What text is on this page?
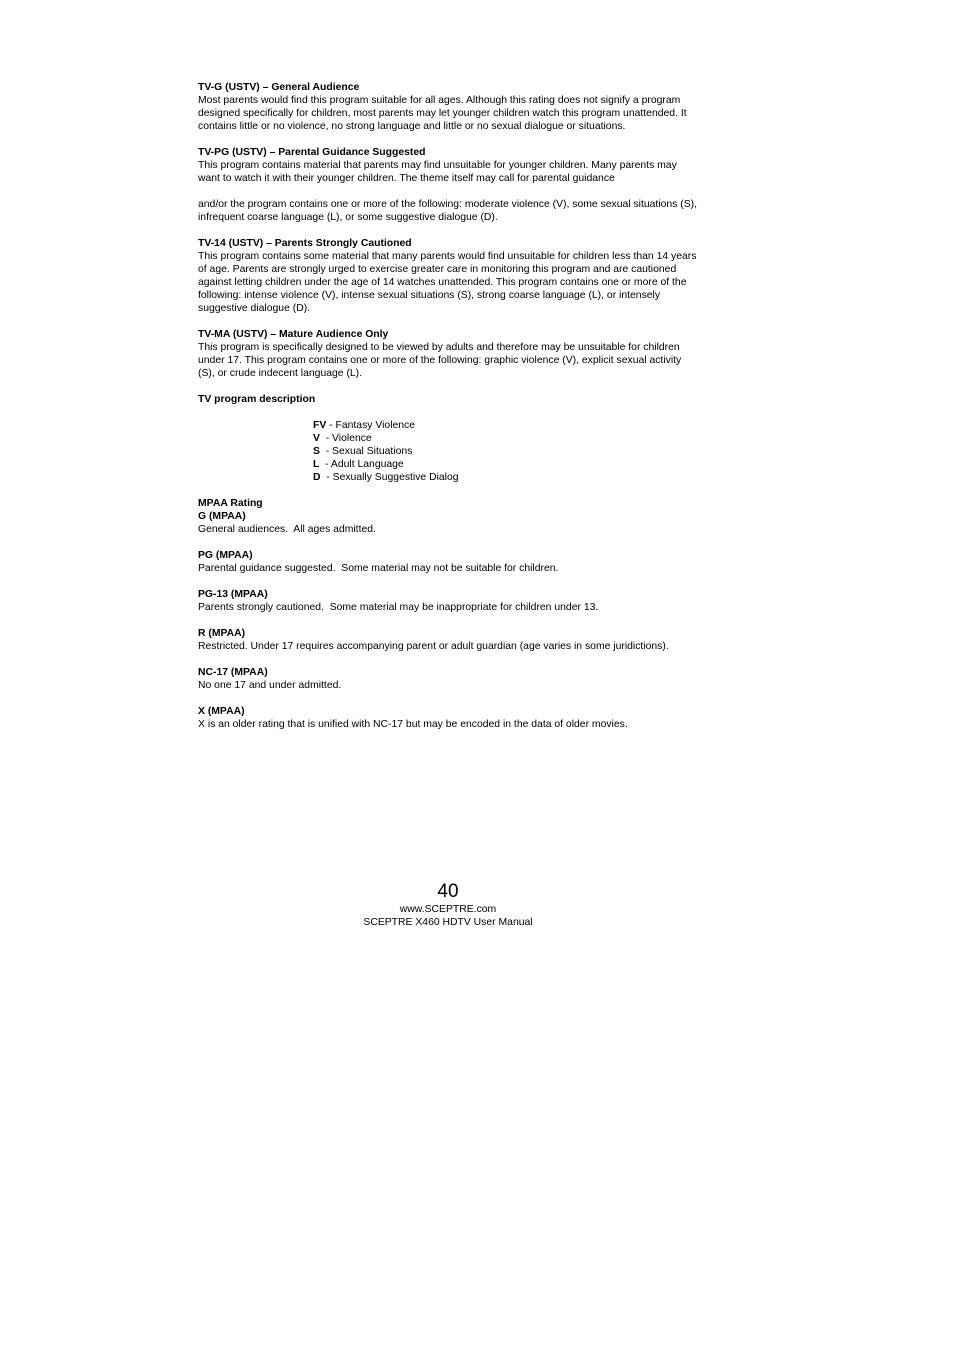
TV-G (USTV) – General Audience
Most parents would find this program suitable for all ages. Although this rating does not signify a program designed specifically for children, most parents may let younger children watch this program unattended. It contains little or no violence, no strong language and little or no sexual dialogue or situations.
TV-PG (USTV) – Parental Guidance Suggested
This program contains material that parents may find unsuitable for younger children. Many parents may want to watch it with their younger children. The theme itself may call for parental guidance
and/or the program contains one or more of the following: moderate violence (V), some sexual situations (S), infrequent coarse language (L), or some suggestive dialogue (D).
TV-14 (USTV) – Parents Strongly Cautioned
This program contains some material that many parents would find unsuitable for children less than 14 years of age. Parents are strongly urged to exercise greater care in monitoring this program and are cautioned against letting children under the age of 14 watches unattended. This program contains one or more of the following: intense violence (V), intense sexual situations (S), strong coarse language (L), or intensely suggestive dialogue (D).
TV-MA (USTV) – Mature Audience Only
This program is specifically designed to be viewed by adults and therefore may be unsuitable for children under 17. This program contains one or more of the following: graphic violence (V), explicit sexual activity (S), or crude indecent language (L).
TV program description
FV - Fantasy Violence
V  - Violence
S  - Sexual Situations
L  - Adult Language
D  - Sexually Suggestive Dialog
MPAA Rating
G (MPAA)
General audiences.  All ages admitted.
PG (MPAA)
Parental guidance suggested.  Some material may not be suitable for children.
PG-13 (MPAA)
Parents strongly cautioned.  Some material may be inappropriate for children under 13.
R (MPAA)
Restricted. Under 17 requires accompanying parent or adult guardian (age varies in some juridictions).
NC-17 (MPAA)
No one 17 and under admitted.
X (MPAA)
X is an older rating that is unified with NC-17 but may be encoded in the data of older movies.
40
www.SCEPTRE.com
SCEPTRE X460 HDTV User Manual
